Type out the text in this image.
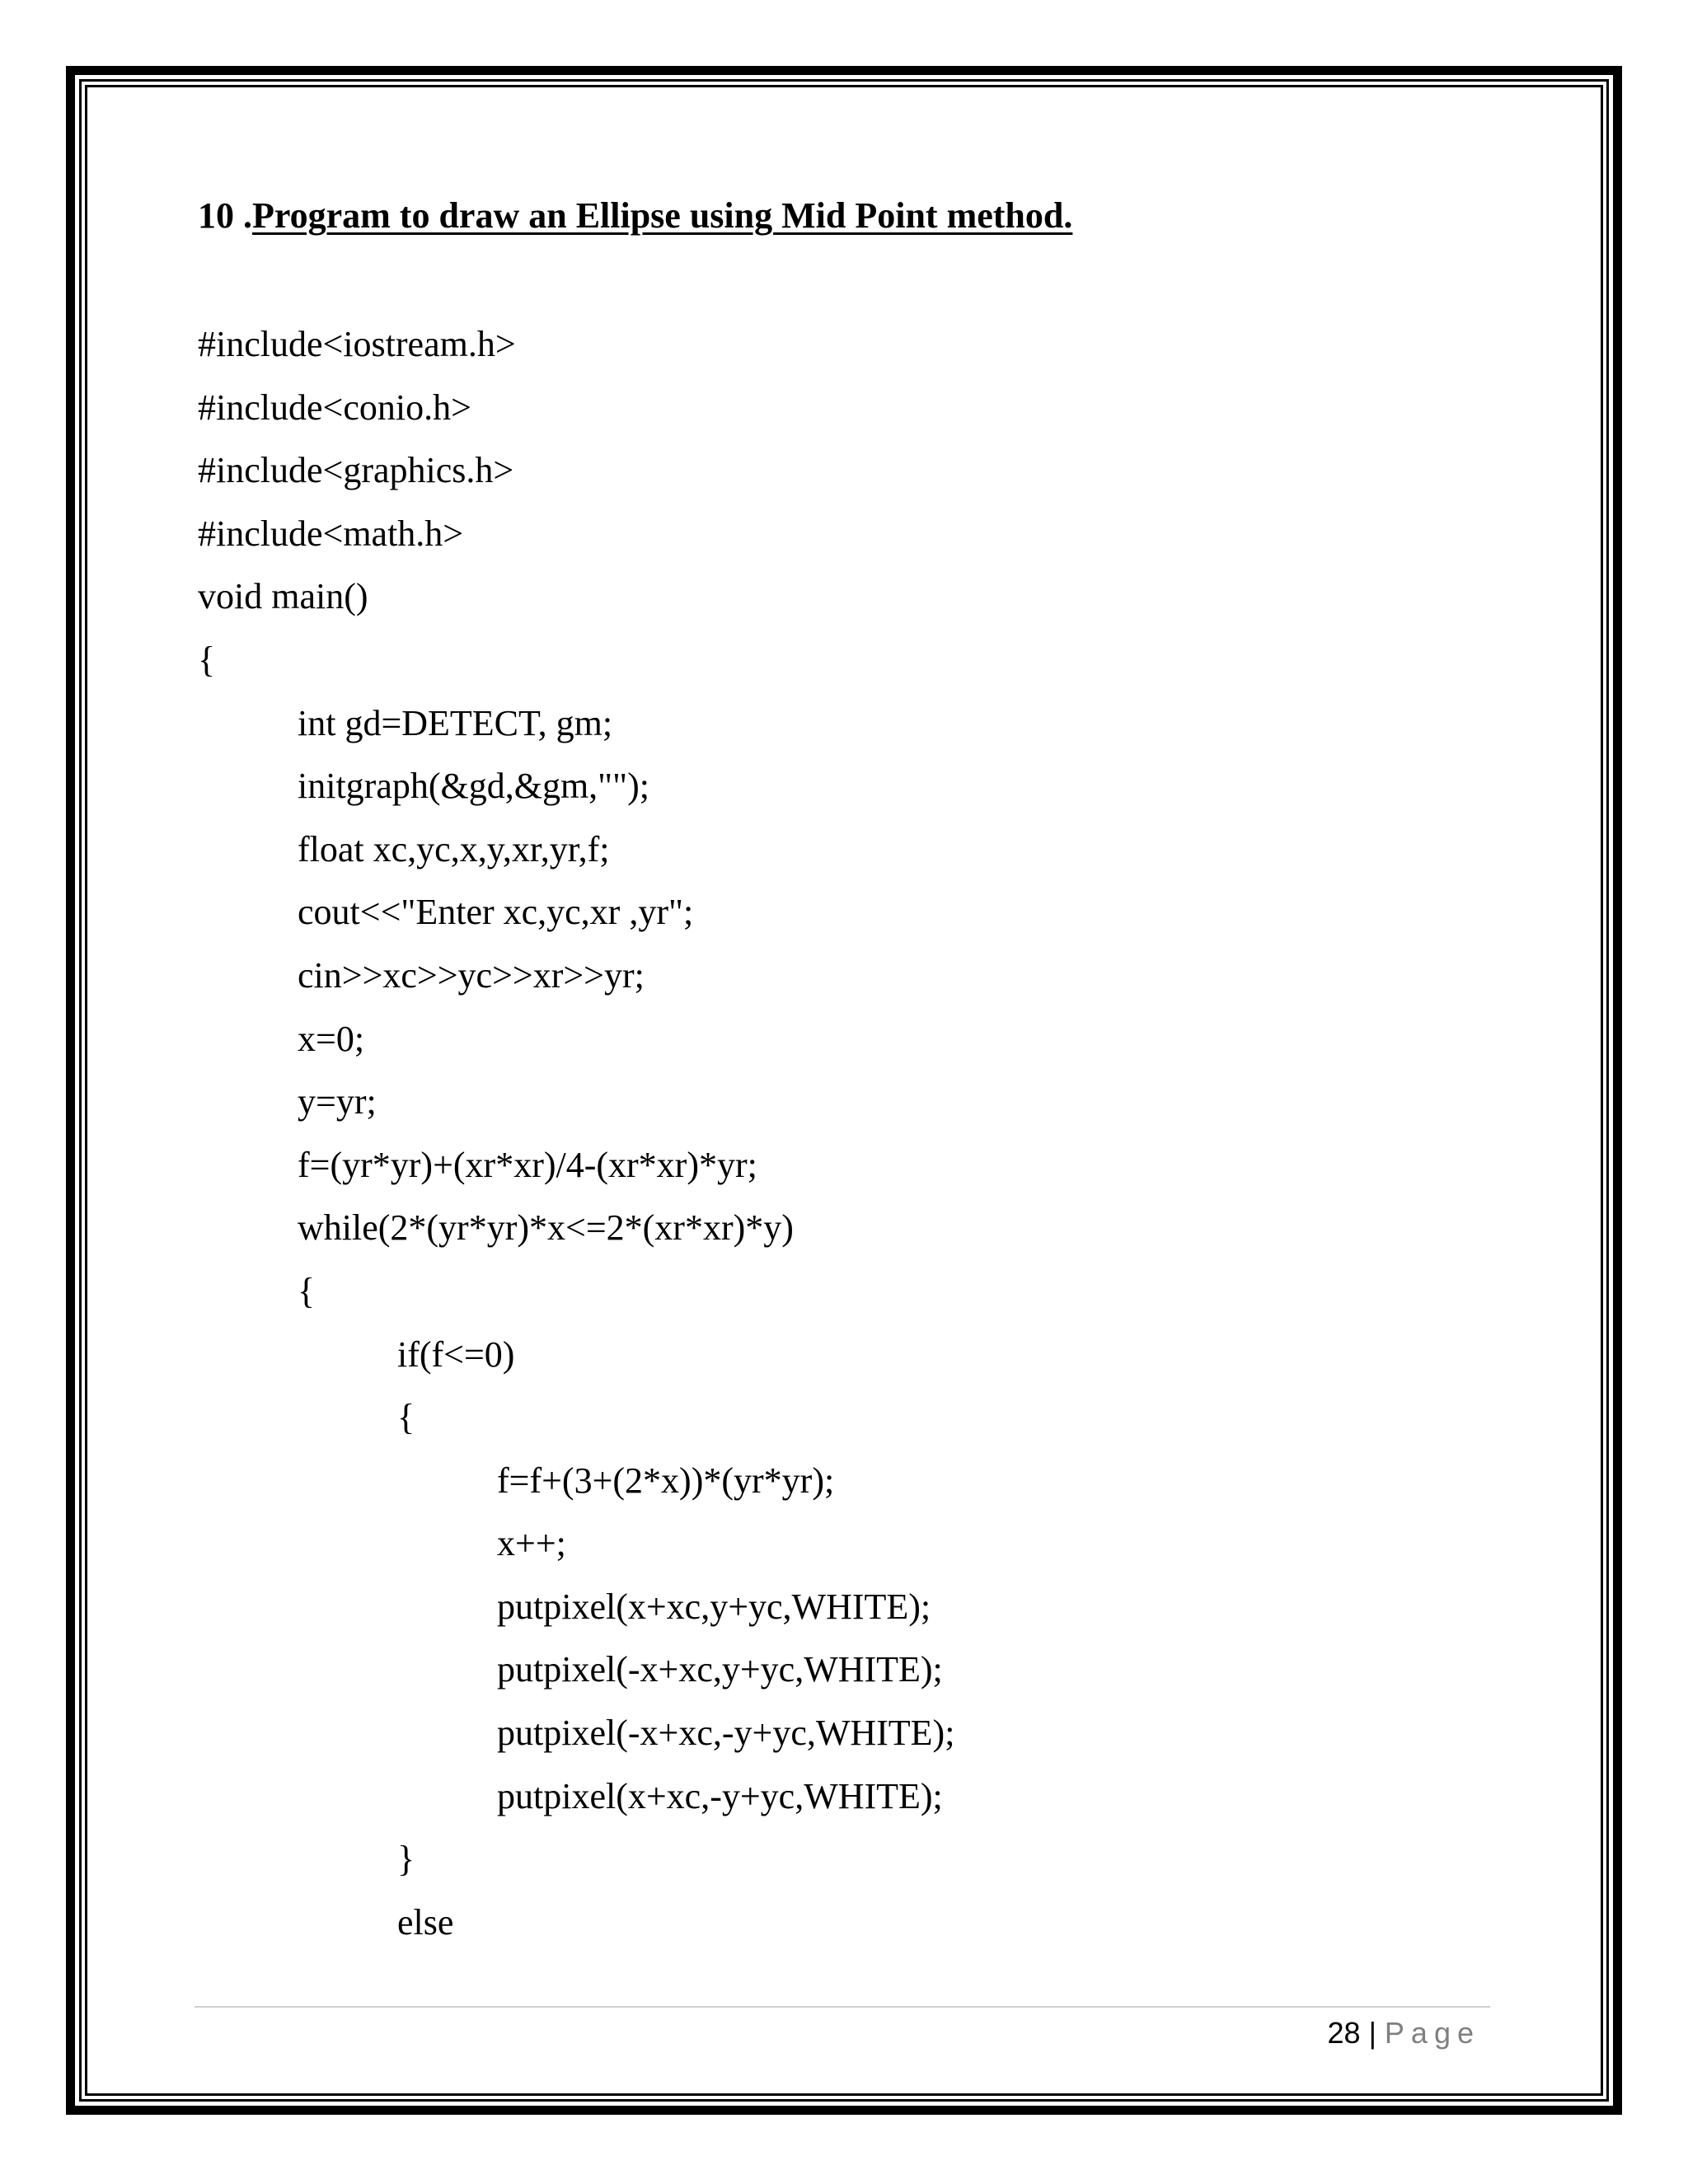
10 .Program to draw an Ellipse using Mid Point method.
#include<iostream.h>
#include<conio.h>
#include<graphics.h>
#include<math.h>
void main()
{
int gd=DETECT, gm;
initgraph(&gd,&gm,"");
float xc,yc,x,y,xr,yr,f;
cout<<"Enter xc,yc,xr ,yr";
cin>>xc>>yc>>xr>>yr;
x=0;
y=yr;
f=(yr*yr)+(xr*xr)/4-(xr*xr)*yr;
while(2*(yr*yr)*x<=2*(xr*xr)*y)
{
if(f<=0)
{
f=f+(3+(2*x))*(yr*yr);
x++;
putpixel(x+xc,y+yc,WHITE);
putpixel(-x+xc,y+yc,WHITE);
putpixel(-x+xc,-y+yc,WHITE);
putpixel(x+xc,-y+yc,WHITE);
}
else
28 | Page
